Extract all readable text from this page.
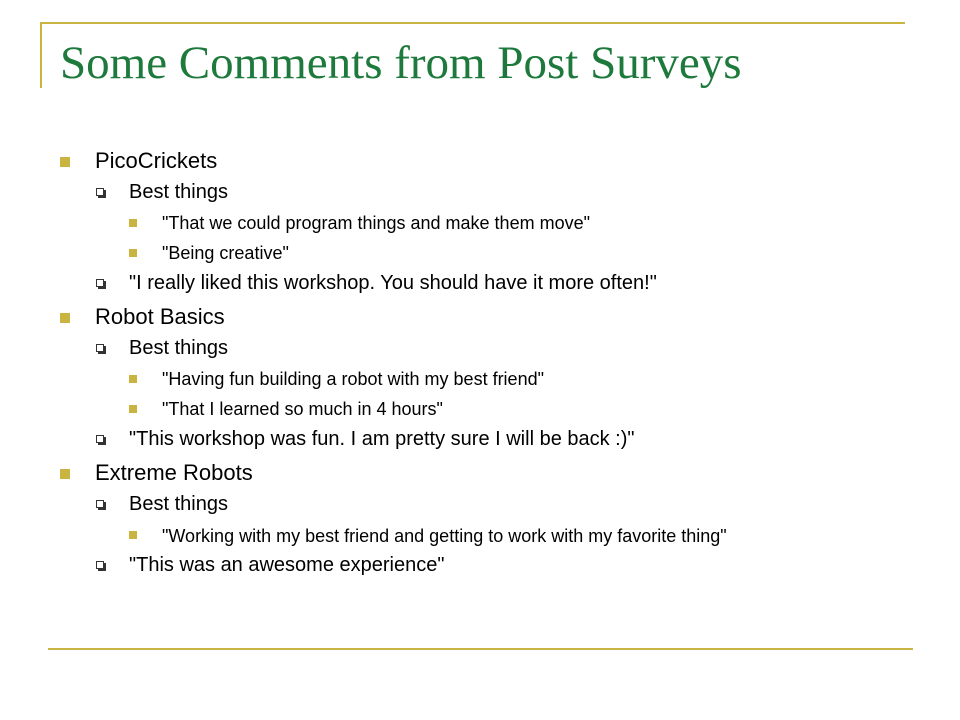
Some Comments from Post Surveys
PicoCrickets
Best things
"That we could program things and make them move"
"Being creative"
"I really liked this workshop. You should have it more often!"
Robot Basics
Best things
"Having fun building a robot with my best friend"
"That I learned so much in 4 hours"
"This workshop was fun. I am pretty sure I will be back :)"
Extreme Robots
Best things
"Working with my best friend and getting to work with my favorite thing"
"This was an awesome experience"
